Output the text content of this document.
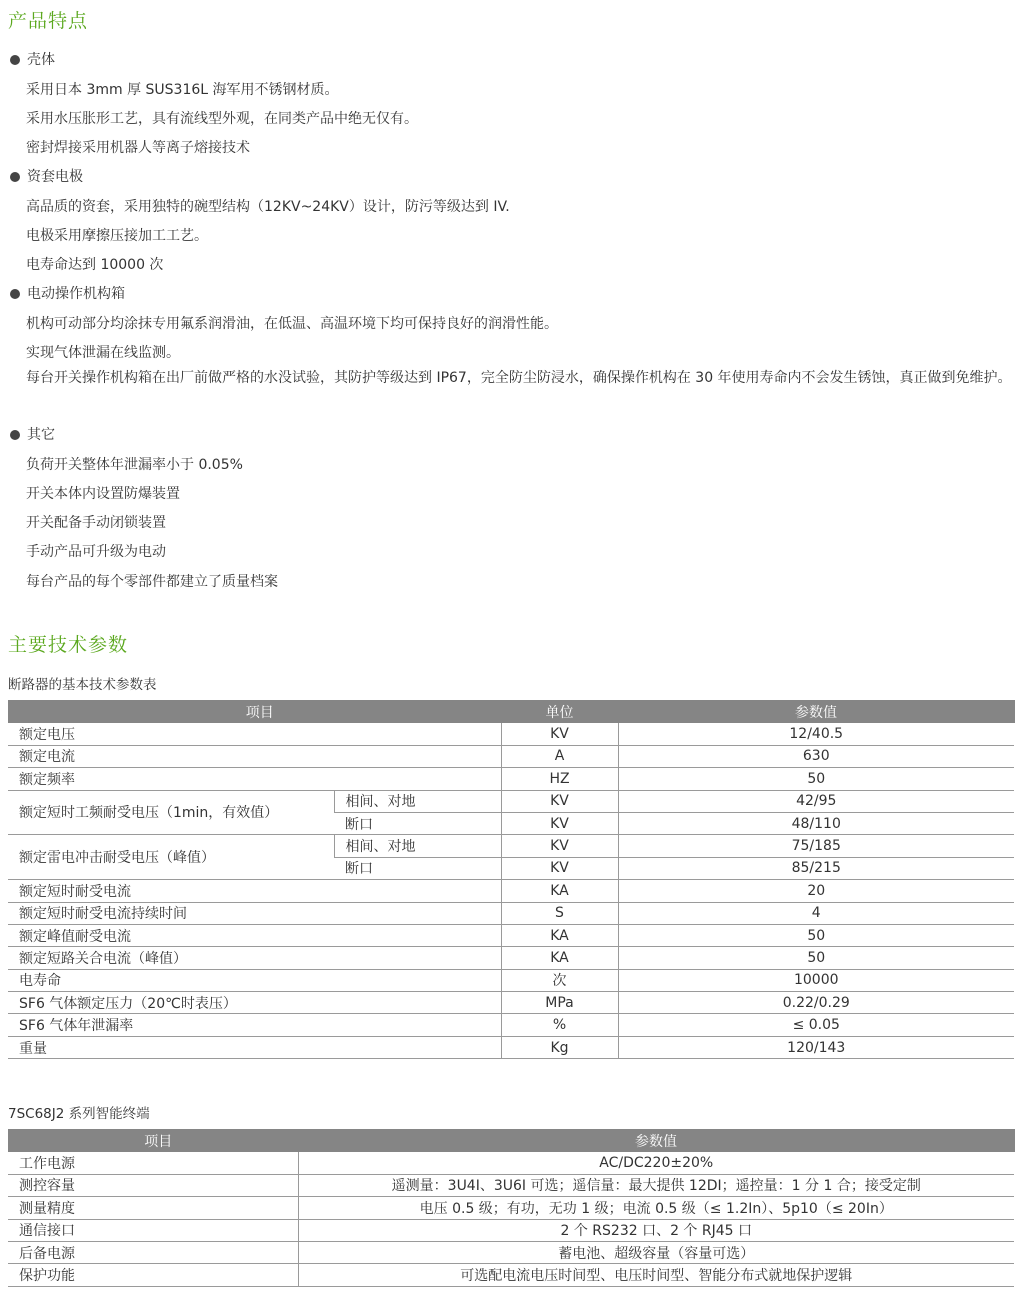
产品特点
壳体
采用日本 3mm 厚 SUS316L 海军用不锈钢材质。
采用水压胀形工艺，具有流线型外观，在同类产品中绝无仅有。
密封焊接采用机器人等离子熔接技术
资套电极
高品质的资套，采用独特的碗型结构（12KV~24KV）设计，防污等级达到 IV.
电极采用摩擦压接加工工艺。
电寿命达到 10000 次
电动操作机构箱
机构可动部分均涂抹专用氟系润滑油，在低温、高温环境下均可保持良好的润滑性能。
实现气体泄漏在线监测。
每台开关操作机构箱在出厂前做严格的水没试验，其防护等级达到 IP67，完全防尘防浸水，确保操作机构在 30 年使用寿命内不会发生锈蚀，真正做到免维护。
其它
负荷开关整体年泄漏率小于 0.05%
开关本体内设置防爆装置
开关配备手动闭锁装置
手动产品可升级为电动
每台产品的每个零部件都建立了质量档案
主要技术参数
断路器的基本技术参数表
项目		单位	参数值
额定电压		KV	12/40.5
额定电流		A	630
额定频率		HZ	50
额定短时工频耐受电压（1min，有效值）	相间、对地	KV	42/95
	断口	KV	48/110
额定雷电冲击耐受电压（峰值）	相间、对地	KV	75/185
	断口	KV	85/215
额定短时耐受电流		KA	20
额定短时耐受电流持续时间		S	4
额定峰值耐受电流		KA	50
额定短路关合电流（峰值）		KA	50
电寿命		次	10000
SF6 气体额定压力（20℃时表压）		MPa	0.22/0.29
SF6 气体年泄漏率		%	≤ 0.05
重量		Kg	120/143
7SC68J2 系列智能终端
项目	参数值
工作电源	AC/DC220±20%
测控容量	遥测量：3U4I、3U6I 可选；遥信量：最大提供 12DI；遥控量：1 分 1 合；接受定制
测量精度	电压 0.5 级；有功，无功 1 级；电流 0.5 级（≤ 1.2In）、5p10（≤ 20In）
通信接口	2 个 RS232 口、2 个 RJ45 口
后备电源	蓄电池、超级容量（容量可选）
保护功能	可选配电流电压时间型、电压时间型、智能分布式就地保护逻辑
